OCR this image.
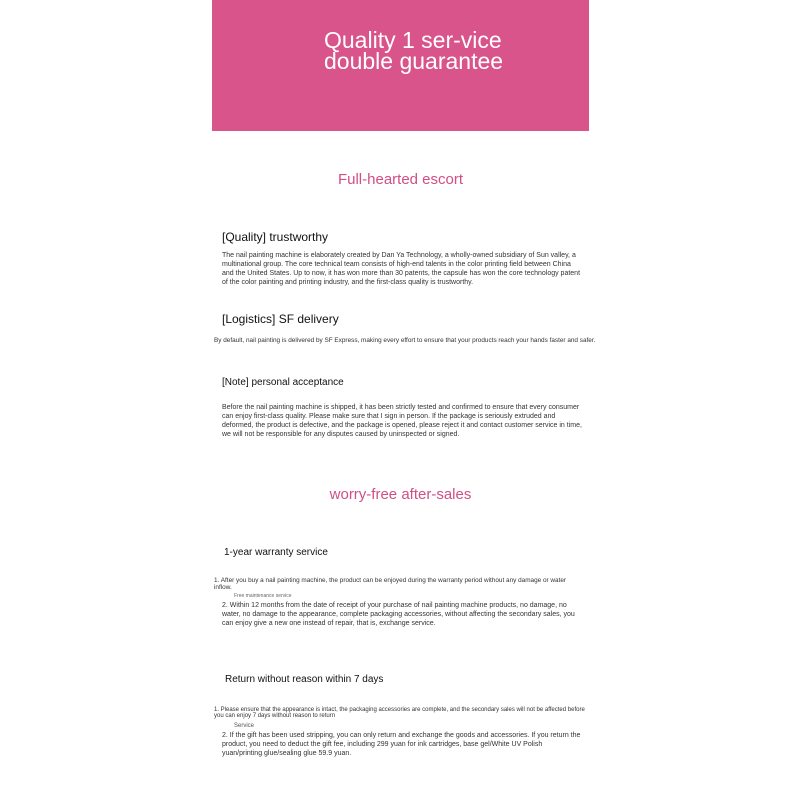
Quality 1 ser-vice double guarantee
Full-hearted escort
[Quality] trustworthy
The nail painting machine is elaborately created by Dan Ya Technology, a wholly-owned subsidiary of Sun valley, a multinational group. The core technical team consists of high-end talents in the color printing field between China and the United States. Up to now, it has won more than 30 patents, the capsule has won the core technology patent of the color painting and printing industry, and the first-class quality is trustworthy.
[Logistics] SF delivery
By default, nail painting is delivered by SF Express, making every effort to ensure that your products reach your hands faster and safer.
[Note] personal acceptance
Before the nail painting machine is shipped, it has been strictly tested and confirmed to ensure that every consumer can enjoy first-class quality. Please make sure that I sign in person. If the package is seriously extruded and deformed, the product is defective, and the package is opened, please reject it and contact customer service in time, we will not be responsible for any disputes caused by uninspected or signed.
worry-free after-sales
1-year warranty service
1. After you buy a nail painting machine, the product can be enjoyed during the warranty period without any damage or water inflow.
Free maintenance service
2. Within 12 months from the date of receipt of your purchase of nail painting machine products, no damage, no water, no damage to the appearance, complete packaging accessories, without affecting the secondary sales, you can enjoy give a new one instead of repair, that is, exchange service.
Return without reason within 7 days
1. Please ensure that the appearance is intact, the packaging accessories are complete, and the secondary sales will not be affected before you can enjoy 7 days without reason to return
Service
2. If the gift has been used stripping, you can only return and exchange the goods and accessories. If you return the product, you need to deduct the gift fee, including 299 yuan for ink cartridges, base gel/White UV Polish yuan/printing glue/sealing glue 59.9 yuan.
